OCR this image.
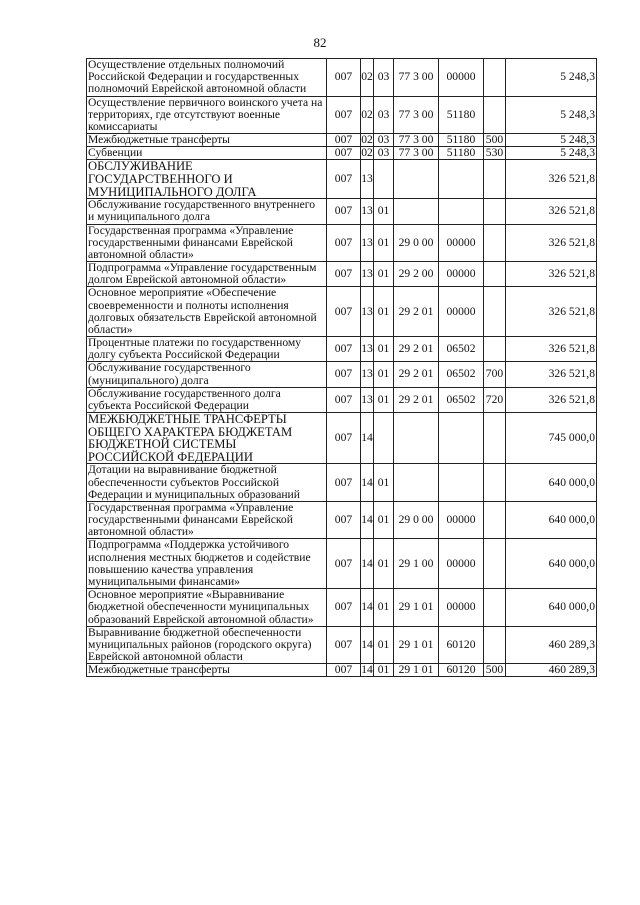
82
Осуществление отдельных полномочий Российской Федерации и государственных полномочий Еврейской автономной области	007	02	03	77 3 00	00000		5 248,3
Осуществление первичного воинского учета на территориях, где отсутствуют военные комиссариаты	007	02	03	77 3 00	51180		5 248,3
Межбюджетные трансферты	007	02	03	77 3 00	51180	500	5 248,3
Субвенции	007	02	03	77 3 00	51180	530	5 248,3
ОБСЛУЖИВАНИЕ ГОСУДАРСТВЕННОГО И МУНИЦИПАЛЬНОГО ДОЛГА	007	13					326 521,8
Обслуживание государственного внутреннего и муниципального долга	007	13	01				326 521,8
Государственная программа «Управление государственными финансами Еврейской автономной области»	007	13	01	29 0 00	00000		326 521,8
Подпрограмма «Управление государственным долгом Еврейской автономной области»	007	13	01	29 2 00	00000		326 521,8
Основное мероприятие «Обеспечение своевременности и полноты исполнения долговых обязательств Еврейской автономной области»	007	13	01	29 2 01	00000		326 521,8
Процентные платежи по государственному долгу субъекта Российской Федерации	007	13	01	29 2 01	06502		326 521,8
Обслуживание государственного (муниципального) долга	007	13	01	29 2 01	06502	700	326 521,8
Обслуживание государственного долга субъекта Российской Федерации	007	13	01	29 2 01	06502	720	326 521,8
МЕЖБЮДЖЕТНЫЕ ТРАНСФЕРТЫ ОБЩЕГО ХАРАКТЕРА БЮДЖЕТАМ БЮДЖЕТНОЙ СИСТЕМЫ РОССИЙСКОЙ ФЕДЕРАЦИИ	007	14					745 000,0
Дотации на выравнивание бюджетной обеспеченности субъектов Российской Федерации и муниципальных образований	007	14	01				640 000,0
Государственная программа «Управление государственными финансами Еврейской автономной области»	007	14	01	29 0 00	00000		640 000,0
Подпрограмма «Поддержка устойчивого исполнения местных бюджетов и содействие повышению качества управления муниципальными финансами»	007	14	01	29 1 00	00000		640 000,0
Основное мероприятие «Выравнивание бюджетной обеспеченности муниципальных образований Еврейской автономной области»	007	14	01	29 1 01	00000		640 000,0
Выравнивание бюджетной обеспеченности муниципальных районов (городского округа) Еврейской автономной области	007	14	01	29 1 01	60120		460 289,3
Межбюджетные трансферты	007	14	01	29 1 01	60120	500	460 289,3
